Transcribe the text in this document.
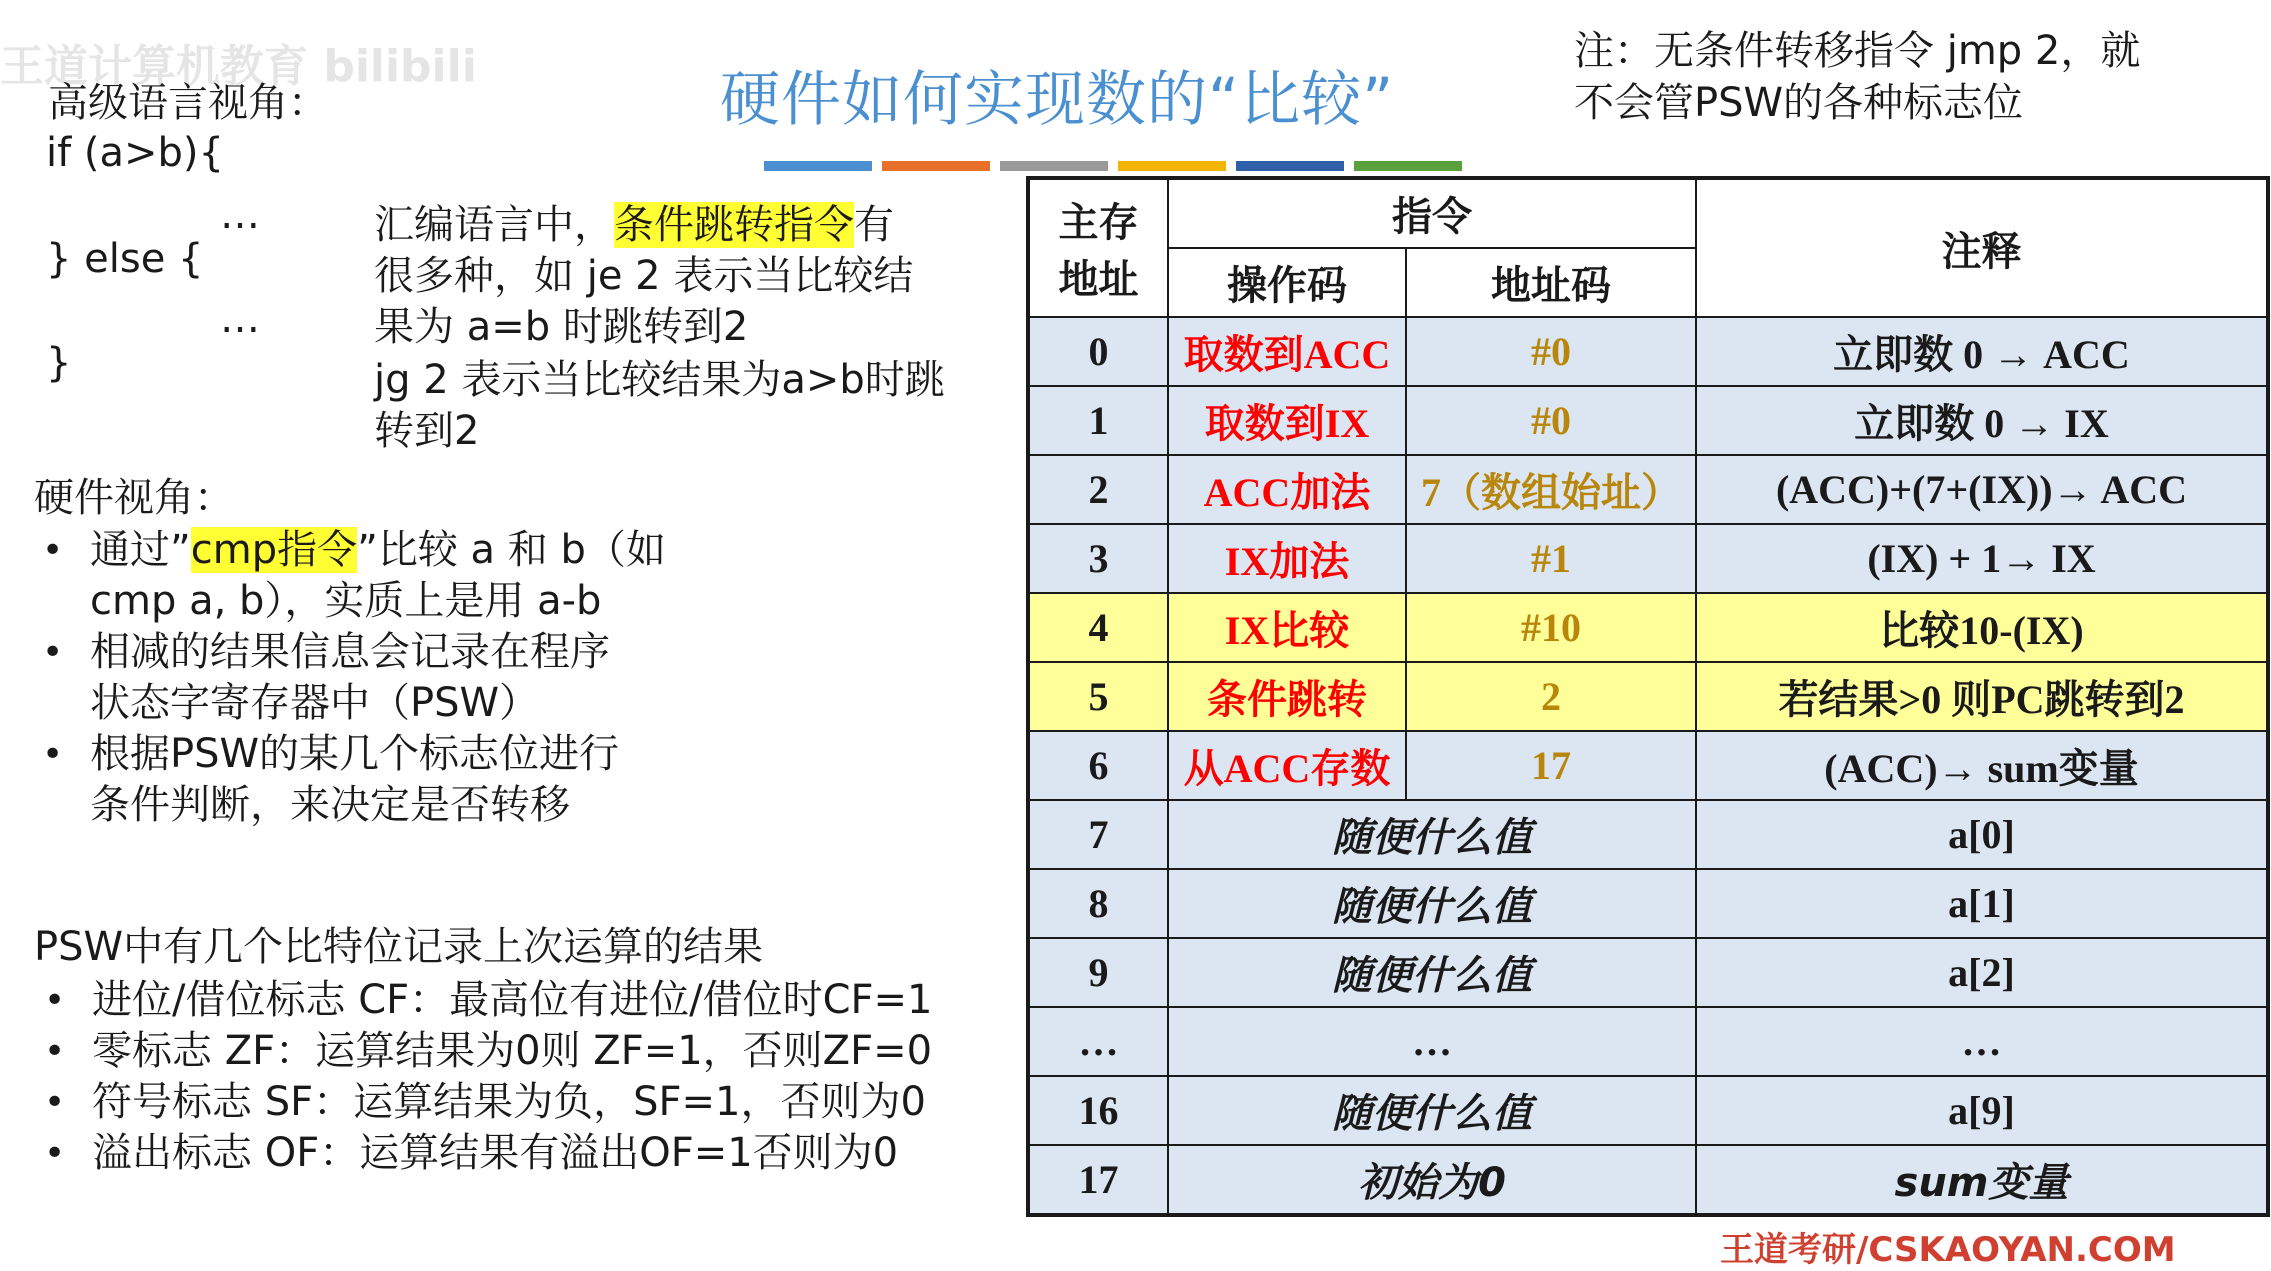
王道计算机教育 bilibili	硬件如何实现数的“比较”
注：无条件转移指令 jmp 2，就
不会管PSW的各种标志位
高级语言视角：
if (a>b){
…
} else {
…
}
汇编语言中，条件跳转指令有
很多种，如 je 2 表示当比较结
果为 a=b 时跳转到2
jg 2 表示当比较结果为a>b时跳
转到2
硬件视角：
• 通过”cmp指令”比较 a 和 b（如
cmp a, b），实质上是用 a-b
• 相减的结果信息会记录在程序
状态字寄存器中（PSW）
• 根据PSW的某几个标志位进行
条件判断，来决定是否转移
PSW中有几个比特位记录上次运算的结果
• 进位/借位标志 CF：最高位有进位/借位时CF=1
• 零标志 ZF：运算结果为0则 ZF=1，否则ZF=0
• 符号标志 SF：运算结果为负，SF=1，否则为0
• 溢出标志 OF：运算结果有溢出OF=1否则为0
主存
地址	指令		注释
	操作码	地址码	
0	取数到ACC	#0	立即数 0 → ACC
1	取数到IX	#0	立即数 0 → IX
2	ACC加法	7（数组始址）	(ACC)+(7+(IX))→ ACC
3	IX加法	#1	(IX) + 1→ IX
4	IX比较	#10	比较10-(IX)
5	条件跳转	2	若结果>0 则PC跳转到2
6	从ACC存数	17	(ACC)→ sum变量
7	随便什么值		a[0]
8	随便什么值		a[1]
9	随便什么值		a[2]
…	…		…
16	随便什么值		a[9]
17	初始为0		sum变量
王道考研/CSKAOYAN.COM
